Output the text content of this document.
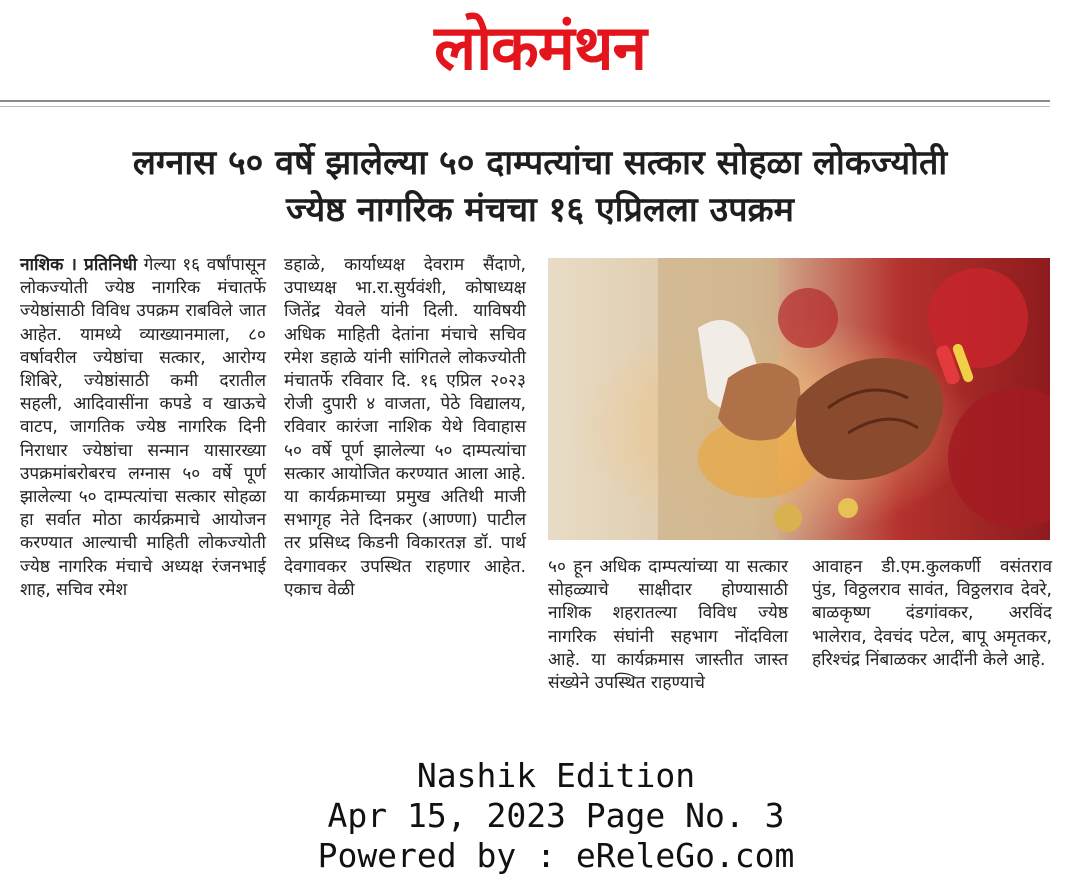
लोकमंथन
लग्नास ५० वर्षे झालेल्या ५० दाम्पत्यांचा सत्कार सोहळा लोकज्योती
ज्येष्ठ नागरिक मंचचा १६ एप्रिलला उपक्रम
नाशिक । प्रतिनिधी गेल्या १६ वर्षांपासून लोकज्योती ज्येष्ठ नागरिक मंचातर्फे ज्येष्ठांसाठी विविध उपक्रम राबविले जात आहेत. यामध्ये व्याख्यानमाला, ८० वर्षावरील ज्येष्ठांचा सत्कार, आरोग्य शिबिरे, ज्येष्ठांसाठी कमी दरातील सहली, आदिवासींना कपडे व खाऊचे वाटप, जागतिक ज्येष्ठ नागरिक दिनी निराधार ज्येष्ठांचा सन्मान यासारख्या उपक्रमांबरोबरच लग्नास ५० वर्षे पूर्ण झालेल्या ५० दाम्पत्यांचा सत्कार सोहळा हा सर्वात मोठा कार्यक्रमाचे आयोजन करण्यात आल्याची माहिती लोकज्योती ज्येष्ठ नागरिक मंचाचे अध्यक्ष रंजनभाई शाह, सचिव रमेश
डहाळे, कार्याध्यक्ष देवराम सैंदाणे, उपाध्यक्ष भा.रा.सुर्यवंशी, कोषाध्यक्ष जितेंद्र येवले यांनी दिली. याविषयी अधिक माहिती देतांना मंचाचे सचिव रमेश डहाळे यांनी सांगितले लोकज्योती मंचातर्फे रविवार दि. १६ एप्रिल २०२३ रोजी दुपारी ४ वाजता, पेठे विद्यालय, रविवार कारंजा नाशिक येथे विवाहास ५० वर्षे पूर्ण झालेल्या ५० दाम्पत्यांचा सत्कार आयोजित करण्यात आला आहे. या कार्यक्रमाच्या प्रमुख अतिथी माजी सभागृह नेते दिनकर (आण्णा) पाटील तर प्रसिध्द किडनी विकारतज्ञ डॉ. पार्थ देवगावकर उपस्थित राहणार आहेत. एकाच वेळी
५० हून अधिक दाम्पत्यांच्या या सत्कार सोहळ्याचे साक्षीदार होण्यासाठी नाशिक शहरातल्या विविध ज्येष्ठ नागरिक संघांनी सहभाग नोंदविला आहे. या कार्यक्रमास जास्तीत जास्त संख्येने उपस्थित राहण्याचे
आवाहन डी.एम.कुलकर्णी वसंतराव पुंड, विठ्ठलराव सावंत, विठ्ठलराव देवरे, बाळकृष्ण दंडगांवकर, अरविंद भालेराव, देवचंद पटेल, बापू अमृतकर, हरिश्चंद्र निंबाळकर आदींनी केले आहे.
Nashik Edition
Apr 15, 2023 Page No. 3
Powered by : eReleGo.com
